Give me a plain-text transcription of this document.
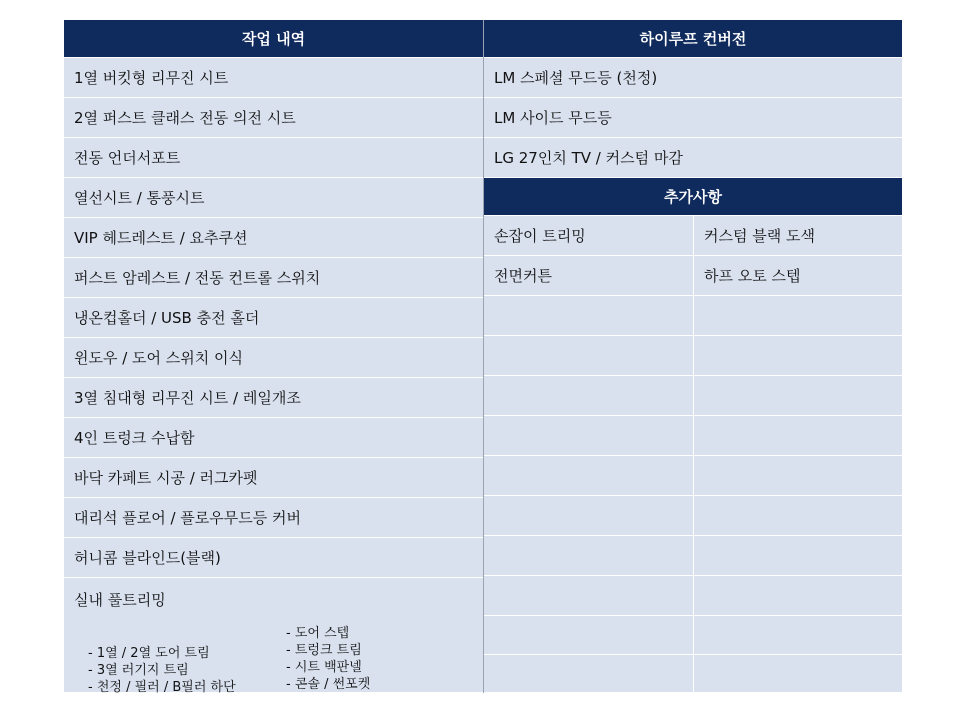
작업 내역
1열 버킷형 리무진 시트
2열 퍼스트 클래스 전동 의전 시트
전동 언더서포트
열선시트 / 통풍시트
VIP 헤드레스트 / 요추쿠션
퍼스트 암레스트 / 전동 컨트롤 스위치
냉온컵홀더 / USB 충전 홀더
윈도우 / 도어 스위치 이식
3열 침대형 리무진 시트 / 레일개조
4인 트렁크 수납함
바닥 카페트 시공 / 러그카펫
대리석 플로어 / 플로우무드등 커버
허니콤 블라인드(블랙)
실내 풀트리밍
- 1열 / 2열 도어 트림
- 3열 러기지 트림
- 천정 / 필러 / B필러 하단
- 도어 스텝
- 트렁크 트림
- 시트 백판넬
- 콘솔 / 썬포켓
하이루프 컨버전
LM 스페셜 무드등 (천정)
LM 사이드 무드등
LG 27인치 TV / 커스텀 마감
추가사항
손잡이 트리밍	커스텀 블랙 도색
전면커튼	하프 오토 스텝
